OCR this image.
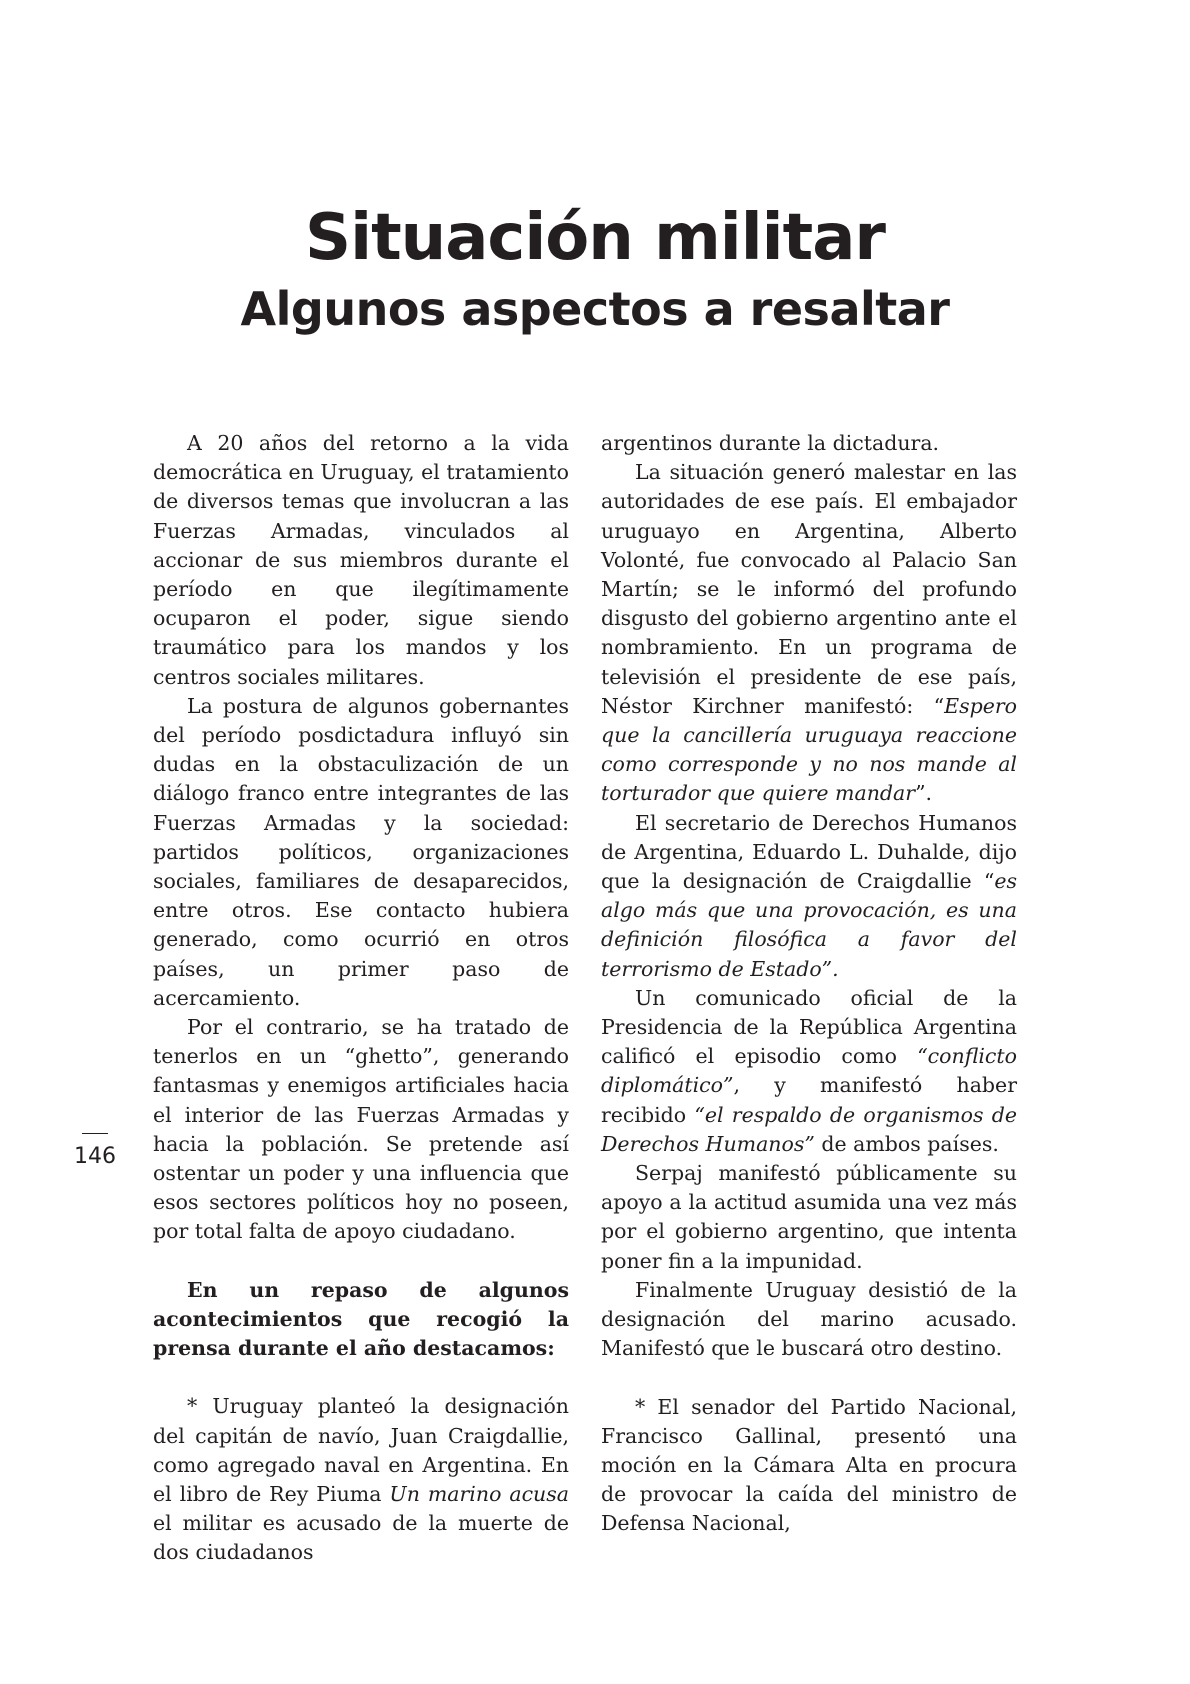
Situación militar
Algunos aspectos a resaltar

A 20 años del retorno a la vida democrática en Uruguay, el tratamiento de diversos temas que involucran a las Fuerzas Armadas, vinculados al accionar de sus miembros durante el período en que ilegítimamente ocuparon el poder, sigue siendo traumático para los mandos y los centros sociales militares.

La postura de algunos gobernantes del período posdictadura influyó sin dudas en la obstaculización de un diálogo franco entre integrantes de las Fuerzas Armadas y la sociedad: partidos políticos, organizaciones sociales, familiares de desaparecidos, entre otros. Ese contacto hubiera generado, como ocurrió en otros países, un primer paso de acercamiento.

Por el contrario, se ha tratado de tenerlos en un “ghetto”, generando fantasmas y enemigos artificiales hacia el interior de las Fuerzas Armadas y hacia la población. Se pretende así ostentar un poder y una influencia que esos sectores políticos hoy no poseen, por total falta de apoyo ciudadano.

En un repaso de algunos acontecimientos que recogió la prensa durante el año destacamos:

* Uruguay planteó la designación del capitán de navío, Juan Craigdallie, como agregado naval en Argentina. En el libro de Rey Piuma Un marino acusa el militar es acusado de la muerte de dos ciudadanos

argentinos durante la dictadura.

La situación generó malestar en las autoridades de ese país. El embajador uruguayo en Argentina, Alberto Volonté, fue convocado al Palacio San Martín; se le informó del profundo disgusto del gobierno argentino ante el nombramiento. En un programa de televisión el presidente de ese país, Néstor Kirchner manifestó: “Espero que la cancillería uruguaya reaccione como corresponde y no nos mande al torturador que quiere mandar”.

El secretario de Derechos Humanos de Argentina, Eduardo L. Duhalde, dijo que la designación de Craigdallie “es algo más que una provocación, es una definición filosófica a favor del terrorismo de Estado”.

Un comunicado oficial de la Presidencia de la República Argentina calificó el episodio como “conflicto diplomático”, y manifestó haber recibido “el respaldo de organismos de Derechos Humanos” de ambos países.

Serpaj manifestó públicamente su apoyo a la actitud asumida una vez más por el gobierno argentino, que intenta poner fin a la impunidad.

Finalmente Uruguay desistió de la designación del marino acusado. Manifestó que le buscará otro destino.

* El senador del Partido Nacional, Francisco Gallinal, presentó una moción en la Cámara Alta en procura de provocar la caída del ministro de Defensa Nacional,

146
